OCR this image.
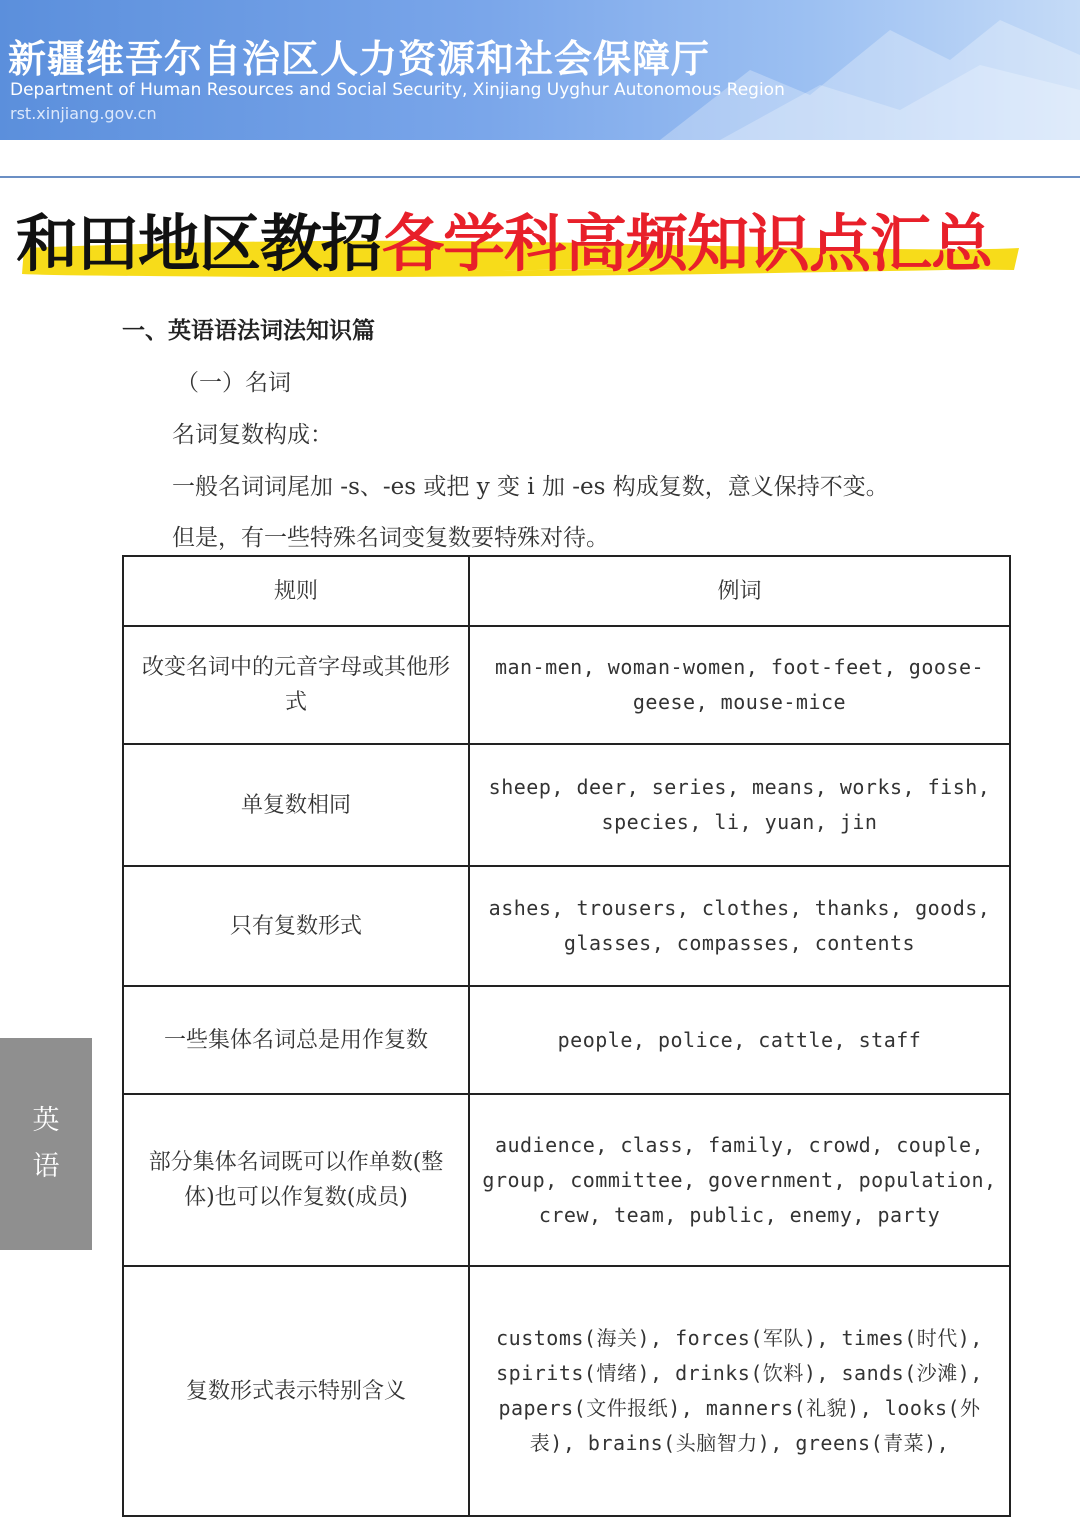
新疆维吾尔自治区人力资源和社会保障厅
Department of Human Resources and Social Security, Xinjiang Uyghur Autonomous Region
rst.xinjiang.gov.cn
和田地区教招各学科高频知识点汇总
一、英语语法词法知识篇
（一）名词
名词复数构成：
一般名词词尾加 -s、-es 或把 y 变 i 加 -es 构成复数，意义保持不变。
但是，有一些特殊名词变复数要特殊对待。
规则	例词
改变名词中的元音字母或其他形式	man-men, woman-women, foot-feet, goose-geese, mouse-mice
单复数相同	sheep, deer, series, means, works, fish, species, li, yuan, jin
只有复数形式	ashes, trousers, clothes, thanks, goods, glasses, compasses, contents
一些集体名词总是用作复数	people, police, cattle, staff
部分集体名词既可以作单数(整体)也可以作复数(成员)	audience, class, family, crowd, couple, group, committee, government, population, crew, team, public, enemy, party
复数形式表示特别含义	customs(海关), forces(军队), times(时代), spirits(情绪), drinks(饮料), sands(沙滩), papers(文件报纸), manners(礼貌), looks(外表), brains(头脑智力), greens(青菜),
英
语
